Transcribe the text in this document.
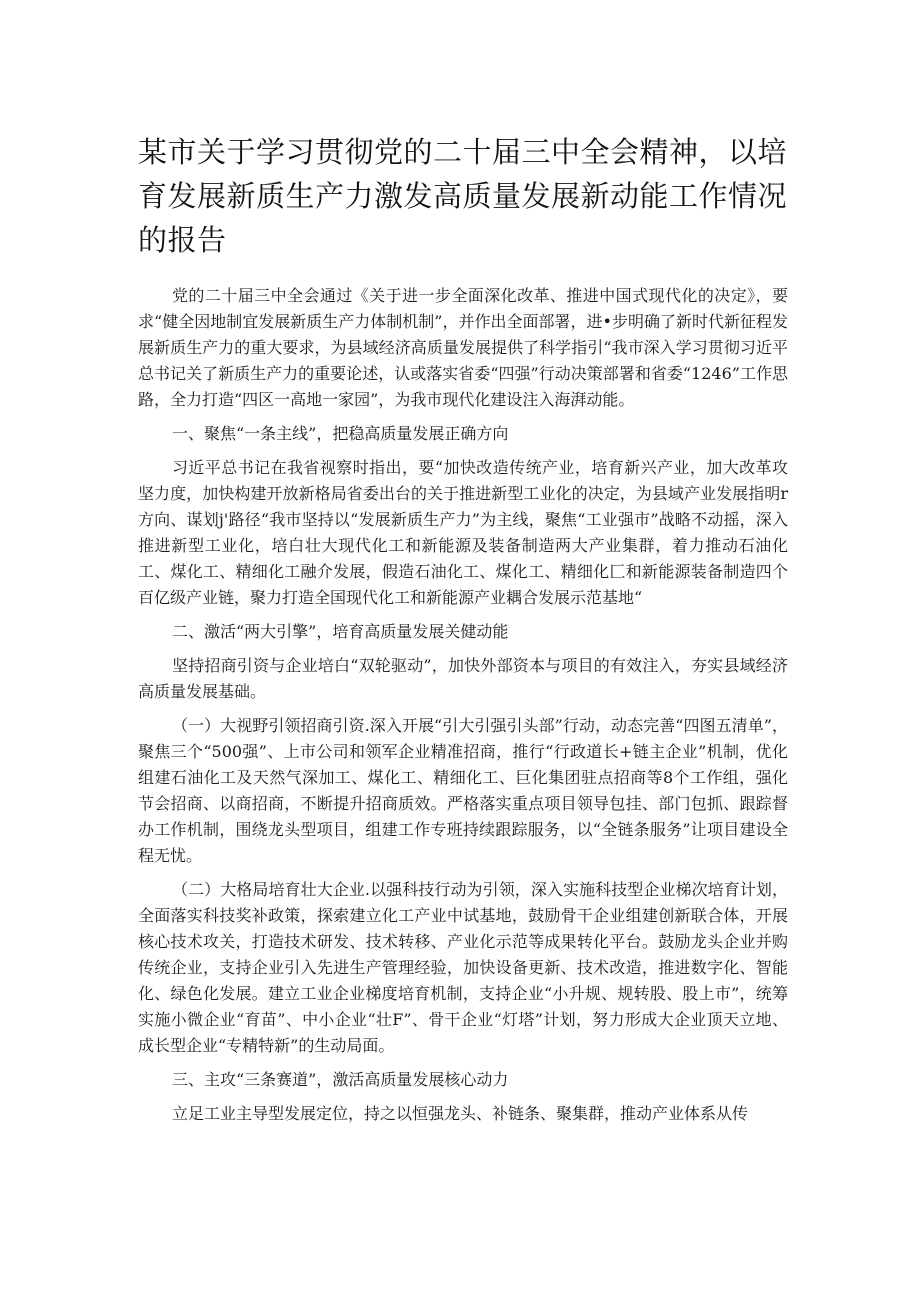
某市关于学习贯彻党的二十届三中全会精神，以培育发展新质生产力激发高质量发展新动能工作情况的报告

党的二十届三中全会通过《关于进一步全面深化改革、推进中国式现代化的决定》，要求“健全因地制宜发展新质生产力体制机制”，并作出全面部署，进•步明确了新时代新征程发展新质生产力的重大要求，为县域经济高质量发展提供了科学指引“我市深入学习贯彻习近平总书记关了新质生产力的重要论述，认或落实省委“四强”行动决策部署和省委“1246”工作思路，全力打造“四区一高地一家园”，为我市现代化建设注入海湃动能。

一、聚焦“一条主线”，把稳高质量发展正确方向

习近平总书记在我省视察时指出，要“加快改造传统产业，培育新兴产业，加大改革攻坚力度，加快构建开放新格局省委出台的关于推进新型工业化的决定，为县域产业发展指明r方向、谋划j'路径“我市坚持以“发展新质生产力”为主线，聚焦“工业强市”战略不动摇，深入推进新型工业化，培白壮大现代化工和新能源及装备制造两大产业集群，着力推动石油化工、煤化工、精细化工融介发展，假造石油化工、煤化工、精细化匚和新能源装备制造四个百亿级产业链，聚力打造全国现代化工和新能源产业耦合发展示范基地“

二、激活“两大引擎”，培育高质量发展关健动能

坚持招商引资与企业培白“双轮驱动”，加快外部资本与项目的有效注入，夯实县域经济高质量发展基础。

（一）大视野引领招商引资.深入开展“引大引强引头部”行动，动态完善“四图五清单”，聚焦三个“500强”、上市公司和领军企业精准招商，推行“行政道长+链主企业”机制，优化组建石油化工及天然气深加工、煤化工、精细化工、巨化集团驻点招商等8个工作组，强化节会招商、以商招商，不断提升招商质效。严格落实重点项目领导包挂、部门包抓、跟踪督办工作机制，围绕龙头型项目，组建工作专班持续跟踪服务，以“全链条服务”让项目建设全程无忧。

（二）大格局培育壮大企业.以强科技行动为引领，深入实施科技型企业梯次培育计划，全面落实科技奖补政策，探索建立化工产业中试基地，鼓励骨干企业组建创新联合体，开展核心技术攻关，打造技术研发、技术转移、产业化示范等成果转化平台。鼓励龙头企业并购传统企业，支持企业引入先进生产管理经验，加快设备更新、技术改造，推进数字化、智能化、绿色化发展。建立工业企业梯度培育机制，支持企业“小升规、规转股、股上市”，统筹实施小微企业“育苗”、中小企业“壮F”、骨干企业“灯塔”计划，努力形成大企业顶天立地、成长型企业“专精特新”的生动局面。

三、主攻“三条赛道”，激活高质量发展核心动力

立足工业主导型发展定位，持之以恒强龙头、补链条、聚集群，推动产业体系从传
